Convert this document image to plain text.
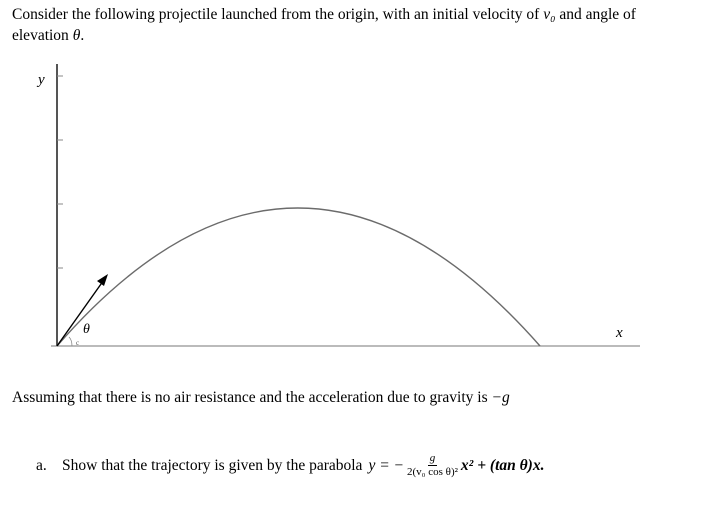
Consider the following projectile launched from the origin, with an initial velocity of v₀ and angle of elevation θ.
c
y
x
θ
Assuming that there is no air resistance and the acceleration due to gravity is −g
a. Show that the trajectory is given by the parabola y = − $\frac{g}{\text{2(v₀ cos θ)²}} x^2 + (\tan$ θ)x.
